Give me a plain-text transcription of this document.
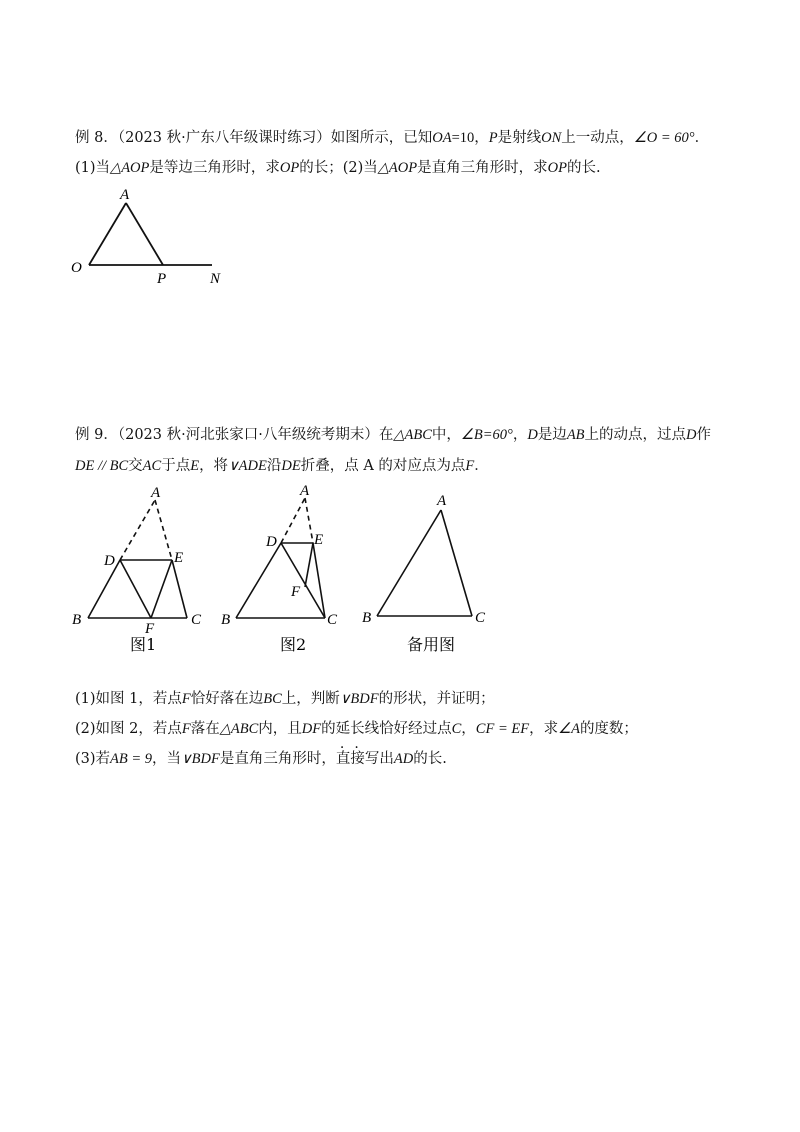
例 8．（2023 秋·广东八年级课时练习）如图所示，已知OA=10，P是射线ON上一动点，∠O = 60°．
(1)当△AOP是等边三角形时，求OP的长；(2)当△AOP是直角三角形时，求OP的长.
A
O
P	N
例 9．（2023 秋·河北张家口·八年级统考期末）在△ABC中，∠B=60°，D是边AB上的动点，过点D作
DE // BC交AC于点E，将∨ADE沿DE折叠，点 A 的对应点为点F．
A
D	E
B	C
F
图1
A
D E
F
B	C
图2
A
B	C
备用图
(1)如图 1，若点F恰好落在边BC上，判断∨BDF的形状，并证明；
(2)如图 2，若点F落在△ABC内，且DF的延长线恰好经过点C，CF = EF，求∠A的度数；
(3)若AB = 9，当∨BDF是直角三角形时，直接写出AD的长.
